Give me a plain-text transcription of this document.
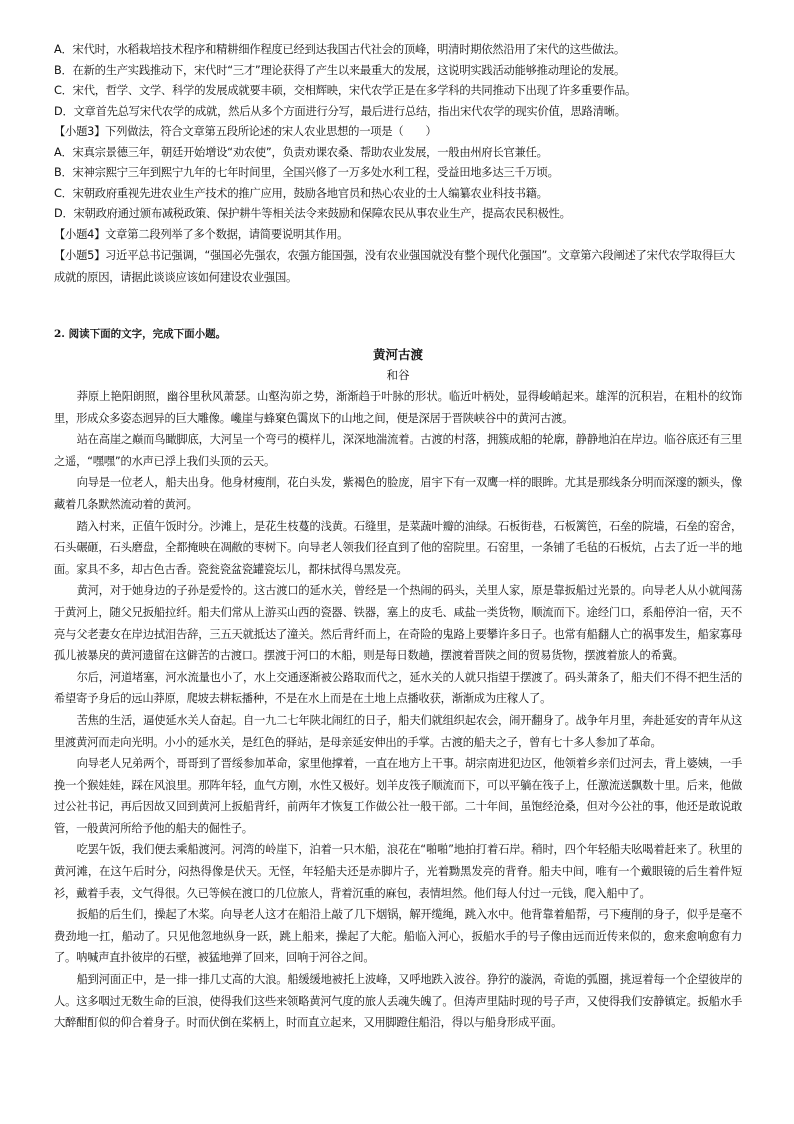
A．宋代时，水稻栽培技术程序和精耕细作程度已经到达我国古代社会的顶峰，明清时期依然沿用了宋代的这些做法。
B．在新的生产实践推动下，宋代时“三才”理论获得了产生以来最重大的发展，这说明实践活动能够推动理论的发展。
C．宋代，哲学、文学、科学的发展成就要丰硕，交相辉映，宋代农学正是在多学科的共同推动下出现了许多重要作品。
D．文章首先总写宋代农学的成就，然后从多个方面进行分写，最后进行总结，指出宋代农学的现实价值，思路清晰。
【小题3】下列做法，符合文章第五段所论述的宋人农业思想的一项是（　　）
A．宋真宗景德三年，朝廷开始增设“劝农使”，负责劝课农桑、帮助农业发展，一般由州府长官兼任。
B．宋神宗熙宁三年到熙宁九年的七年时间里，全国兴修了一万多处水利工程，受益田地多达三千万顷。
C．宋朝政府重视先进农业生产技术的推广应用，鼓励各地官员和热心农业的士人编纂农业科技书籍。
D．宋朝政府通过颁布减税政策、保护耕牛等相关法令来鼓励和保障农民从事农业生产，提高农民积极性。
【小题4】文章第二段列举了多个数据，请简要说明其作用。

【小题5】习近平总书记强调，“强国必先强农，农强方能国强，没有农业强国就没有整个现代化强国”。文章第六段阐述了宋代农学取得巨大成就的原因，请据此谈谈应该如何建设农业强国。

2. 阅读下面的文字，完成下面小题。
黄河古渡
和谷

莽原上艳阳朗照，幽谷里秋风萧瑟。山壑沟峁之势，渐渐趋于叶脉的形状。临近叶柄处，显得峻峭起来。雄浑的沉积岩，在粗朴的纹饰里，形成众多姿态迥异的巨大雕像。巉崖与蜂窠色霭岚下的山地之间，便是深居于晋陕峡谷中的黄河古渡。

站在高崖之巅而鸟瞰脚底，大河呈一个弯弓的模样儿，深深地湍流着。古渡的村落，拥簇成船的轮廓，静静地泊在岸边。临谷底还有三里之遥，“嘿嘿”的水声已浮上我们头顶的云天。

向导是一位老人，船夫出身。他身材瘦削，花白头发，紫褐色的脸庞，眉宇下有一双鹰一样的眼眸。尤其是那线条分明而深邃的额头，像藏着几条默然流动着的黄河。

踏入村来，正值午饭时分。沙滩上，是花生枝蔓的浅黄。石缝里，是菜蔬叶瓣的油绿。石板街巷，石板篱笆，石垒的院墙，石垒的窑舍，石头碾砸，石头磨盘，全都掩映在凋敝的枣树下。向导老人领我们径直到了他的窑院里。石窑里，一条铺了毛毡的石板炕，占去了近一半的地面。家具不多，却古色古香。瓷瓮瓷盆瓷罐瓷坛儿，都抹拭得乌黑发亮。

黄河，对于她身边的子孙是爱怜的。这古渡口的延水关，曾经是一个热闹的码头，关里人家，原是靠扳船过光景的。向导老人从小就闯荡于黄河上，随父兄扳船拉纤。船夫们常从上游买山西的瓷器、铁器，塞上的皮毛、咸盐一类货物，顺流而下。途经门口，系船停泊一宿，天不亮与父老妻女在岸边拭泪告辞，三五天就抵达了潼关。然后背纤而上，在奇险的鬼路上要攀许多日子。也常有船翻人亡的祸事发生，船家寡母孤儿被暴戾的黄河遗留在这僻苦的古渡口。摆渡于河口的木船，则是每日数趟，摆渡着晋陕之间的贸易货物，摆渡着旅人的希冀。

尔后，河道堵塞，河水流量也小了，水上交通逐渐被公路取而代之，延水关的人就只指望于摆渡了。码头萧条了，船夫们不得不把生活的希望寄予身后的远山莽原，爬坡去耕耘播种，不是在水上而是在土地上点播收获，渐渐成为庄稼人了。

苦焦的生活，逼使延水关人奋起。自一九二七年陕北闹红的日子，船夫们就组织起农会，闹开翻身了。战争年月里，奔赴延安的青年从这里渡黄河而走向光明。小小的延水关，是红色的驿站，是母亲延安伸出的手掌。古渡的船夫之子，曾有七十多人参加了革命。

向导老人兄弟两个，哥哥到了晋绥参加革命，家里他撑着，一直在地方上干事。胡宗南进犯边区，他领着乡亲们过河去，背上婆姨，一手挽一个猴娃娃，踩在风浪里。那阵年轻，血气方刚，水性又极好。划羊皮筏子顺流而下，可以平躺在筏子上，任激流送飘数十里。后来，他做过公社书记，再后因故又回到黄河上扳船背纤，前两年才恢复工作做公社一般干部。二十年间，虽饱经沧桑，但对今公社的事，他还是敢说敢管，一般黄河所给予他的船夫的倔性子。

吃罢午饭，我们便去乘船渡河。河湾的岭崖下，泊着一只木船，浪花在“啪啪”地拍打着石岸。稍时，四个年轻船夫吆喝着赶来了。秋里的黄河滩，在这午后时分，闷热得像是伏天。无怪，年轻船夫还是赤脚片子，光着黝黑发亮的背脊。船夫中间，唯有一个戴眼镜的后生着件短衫，戴着手表，文气得很。久已等候在渡口的几位旅人，背着沉重的麻包，表情坦然。他们每人付过一元钱，爬入船中了。

扳船的后生们，操起了木桨。向导老人这才在船沿上敲了几下烟锅，解开缆绳，跳入水中。他背靠着船帮，弓下瘦削的身子，似乎是毫不费劲地一扛，船动了。只见他忽地纵身一跃，跳上船来，操起了大舵。船临入河心，扳船水手的号子像由远而近传来似的，愈来愈响愈有力了。呐喊声直扑彼岸的石壁，被猛地弹了回来，回响于河谷之间。

船到河面正中，是一排一排几丈高的大浪。船缓缓地被托上波峰，又呼地跌入波谷。狰狞的漩涡，奇诡的弧圈，挑逗着每一个企望彼岸的人。这多咽过无数生命的巨浪，使得我们这些来领略黄河气度的旅人丢魂失魄了。但涛声里陆时现的号子声，又使得我们安静镇定。扳船水手大醉酣酊似的仰合着身子。时而伏倒在桨柄上，时而直立起来，又用脚蹬住船沿，得以与船身形成平面。
